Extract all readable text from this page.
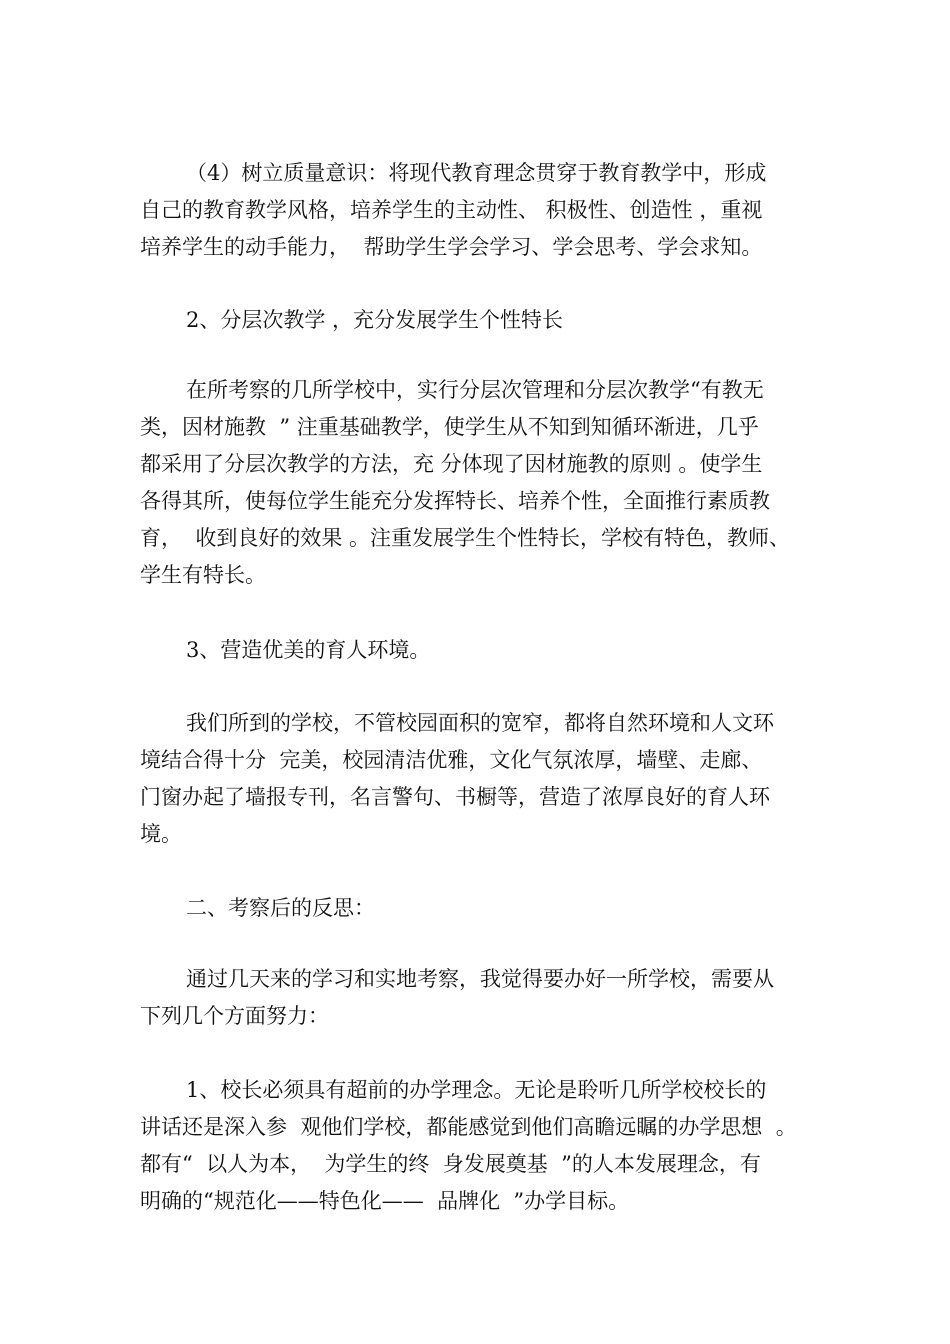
（4）树立质量意识：将现代教育理念贯穿于教育教学中，形成
自己的教育教学风格，培养学生的主动性、 积极性、创造性 ，重视
培养学生的动手能力，  帮助学生学会学习、学会思考、学会求知。
2、分层次教学 ，充分发展学生个性特长
在所考察的几所学校中，实行分层次管理和分层次教学“有教无
类，因材施教  ” 注重基础教学，使学生从不知到知循环渐进，几乎
都采用了分层次教学的方法，充 分体现了因材施教的原则 。使学生
各得其所，使每位学生能充分发挥特长、培养个性，全面推行素质教
育，  收到良好的效果 。注重发展学生个性特长，学校有特色，教师、
学生有特长。
3、营造优美的育人环境。
我们所到的学校，不管校园面积的宽窄，都将自然环境和人文环
境结合得十分  完美，校园清洁优雅，文化气氛浓厚，墙壁、走廊、
门窗办起了墙报专刊，名言警句、书橱等，营造了浓厚良好的育人环
境。
二、考察后的反思：
通过几天来的学习和实地考察，我觉得要办好一所学校，需要从
下列几个方面努力：
1、校长必须具有超前的办学理念。无论是聆听几所学校校长的
讲话还是深入参  观他们学校，都能感觉到他们高瞻远瞩的办学思想  。
都有“  以人为本，  为学生的终  身发展奠基  ”的人本发展理念，有
明确的“规范化——特色化——  品牌化  ”办学目标。
